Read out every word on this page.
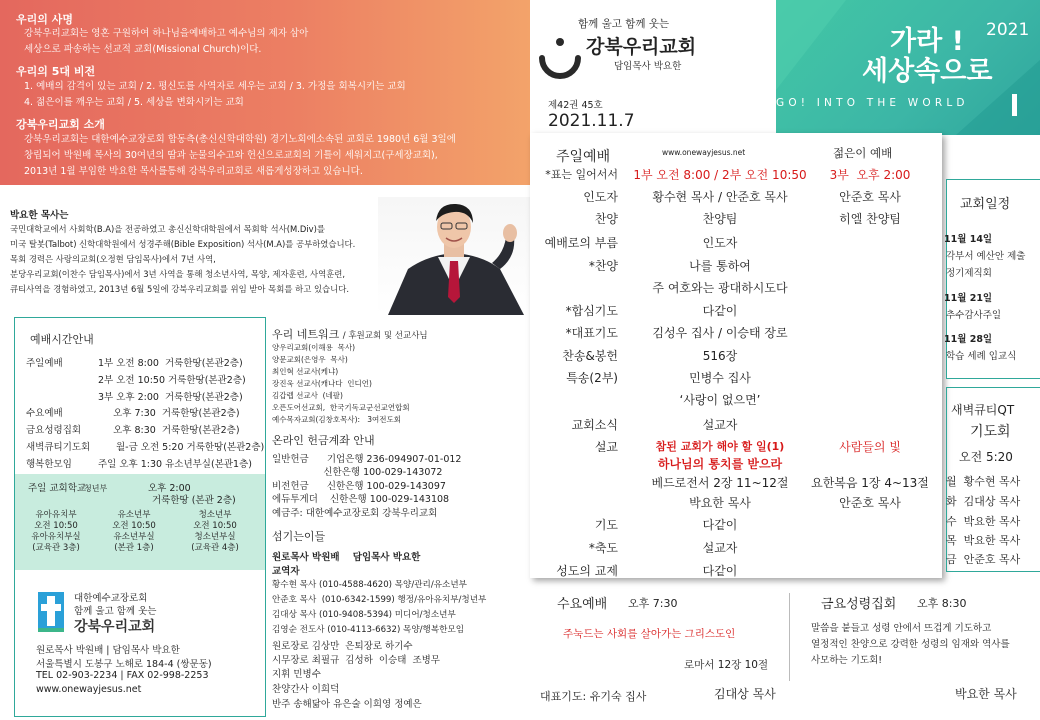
우리의 사명
강북우리교회는 영혼 구원하여 하나님을예배하고 예수님의 제자 삼아
세상으로 파송하는 선교적 교회(Missional Church)이다.
우리의 5대 비전
1. 예배의 감격이 있는 교회 / 2. 평신도를 사역자로 세우는 교회 / 3. 가정을 회복시키는 교회
4. 젊은이를 깨우는 교회 / 5. 세상을 변화시키는 교회
강북우리교회 소개
강북우리교회는 대한예수교장로회 합동측(총신신학대학원) 경기노회에소속된 교회로 1980년 6월 3일에
창립되어 박원배 목사의 30여년의 땀과 눈물의수고와 헌신으로교회의 기틀이 세워지고(구세장교회),
2013년 1월 부임한 박요한 목사를통해 강북우리교회로 새롭게성장하고 있습니다.
박요한 목사는
국민대학교에서 사회학(B.A)을 전공하였고 총신신학대학원에서 목회학 석사(M.Div)를
미국 탈봇(Talbot) 신학대학원에서 성경주해(Bible Exposition) 석사(M.A)를 공부하였습니다.
목회 경력은 사랑의교회(오정현 담임목사)에서 7년 사역,
분당우리교회(이찬수 담임목사)에서 3년 사역을 통해 청소년사역, 목양, 제자훈련, 사역훈련,
큐티사역을 경험하였고, 2013년 6월 5일에 강북우리교회를 위임 받아 목회를 하고 있습니다.
예배시간안내
주일예배	1부 오전 8:00  거룩한땅(본관2층)
2부 오전 10:50 거룩한땅(본관2층)
3부 오후 2:00  거룩한땅(본관2층)
수요예배	오후 7:30  거룩한땅(본관2층)
금요성령집회 오후 8:30  거룩한땅(본관2층)
새벽큐티기도회	월-금 오전 5:20 거룩한땅(본관2층)
행복한모임	주일 오후 1:30 유소년부실(본관1층)
주일 교회학교
청년부	오후 2:00
거룩한땅 (본관 2층)
유아유치부
오전 10:50
유아유치부실
(교육관 3층)
유소년부
오전 10:50
유소년부실
(본관 1층)
청소년부
오전 10:50
청소년부실
(교육관 4층)
대한예수교장로회
함께 울고 함께 웃는
강북우리교회
원로목사 박원배 | 담임목사 박요한
서울특별시 도봉구 노해로 184-4 (쌍문동)
TEL 02-903-2234 | FAX 02-998-2253
www.onewayjesus.net
우리 네트워크 / 후원교회 및 선교사님
양우리교회(이해용  목사)
양문교회(은영우  목사)
최인혁 선교사(케냐)
장진욱 선교사(캐나다  인디언)
김갑렙 선교사  (네팔)
오픈도어선교회,  한국기독교군선교연합회
예수목자교회(김창호목사):   3여전도회
온라인 헌금계좌 안내
일반헌금      기업은행 236-094907-01-012
신한은행 100-029-143072
비전헌금      신한은행 100-029-143097
에듀투게더    신한은행 100-029-143108
예금주: 대한예수교장로회 강북우리교회
섬기는이들
원로목사 박원배    담임목사 박요한
교역자
황수현 목사 (010-4588-4620) 목양/관리/유소년부
안준호 목사  (010-6342-1599) 행정/유아유치부/청년부
김대상 목사 (010-9408-5394) 미디어/청소년부
김영순 전도사 (010-4113-6632) 목양/행복한모임
원로장로 김상만  은퇴장로 하기수
시무장로 최필규  김성하  이승태  조병무
지휘 민병수
찬양간사 이희덕
반주 송해닮아 유은술 이희영 정예은
함께 울고 함께 웃는
강북우리교회
담임목사 박요한
제42권 45호
2021.11.7
2021
가라 !
세상속으로
GO! INTO THE WORLD
주일예배	www.onewayjesus.net	젊은이 예배
*표는 일어서서	1부 오전 8:00 / 2부 오전 10:50	3부  오후 2:00
인도자	황수현 목사 / 안준호 목사	안준호 목사
찬양	찬양팀	히엘 찬양팀
예배로의 부름	인도자
*찬양	나를 통하여
주 여호와는 광대하시도다
*합심기도	다같이
*대표기도	김성우 집사 / 이승태 장로
찬송&봉헌	516장
특송(2부)	민병수 집사
‘사랑이 없으면’
교회소식	설교자
설교	참된 교회가 해야 할 일(1)	사람들의 빛
하나님의 통치를 받으라
베드로전서 2장 11~12절	요한복음 1장 4~13절
박요한 목사	안준호 목사
기도	다같이
*축도	설교자
성도의 교제	다같이
교회일정
11월 14일
각부서 예산안 제출
정기제직회
11월 21일
추수감사주일
11월 28일
학습 세례 입교식
새벽큐티QT
기도회
오전 5:20
월  황수현 목사
화  김대상 목사
수  박요한 목사
목  박요한 목사
금  안준호 목사
수요예배 오후 7:30
주눅드는 사회를 살아가는 그리스도인
로마서 12장 10절
대표기도: 유기숙 집사	김대상 목사
금요성령집회 오후 8:30
말씀을 붙들고 성령 안에서 뜨겁게 기도하고
열정적인 찬양으로 강력한 성령의 임재와 역사를
사모하는 기도회!
박요한 목사
